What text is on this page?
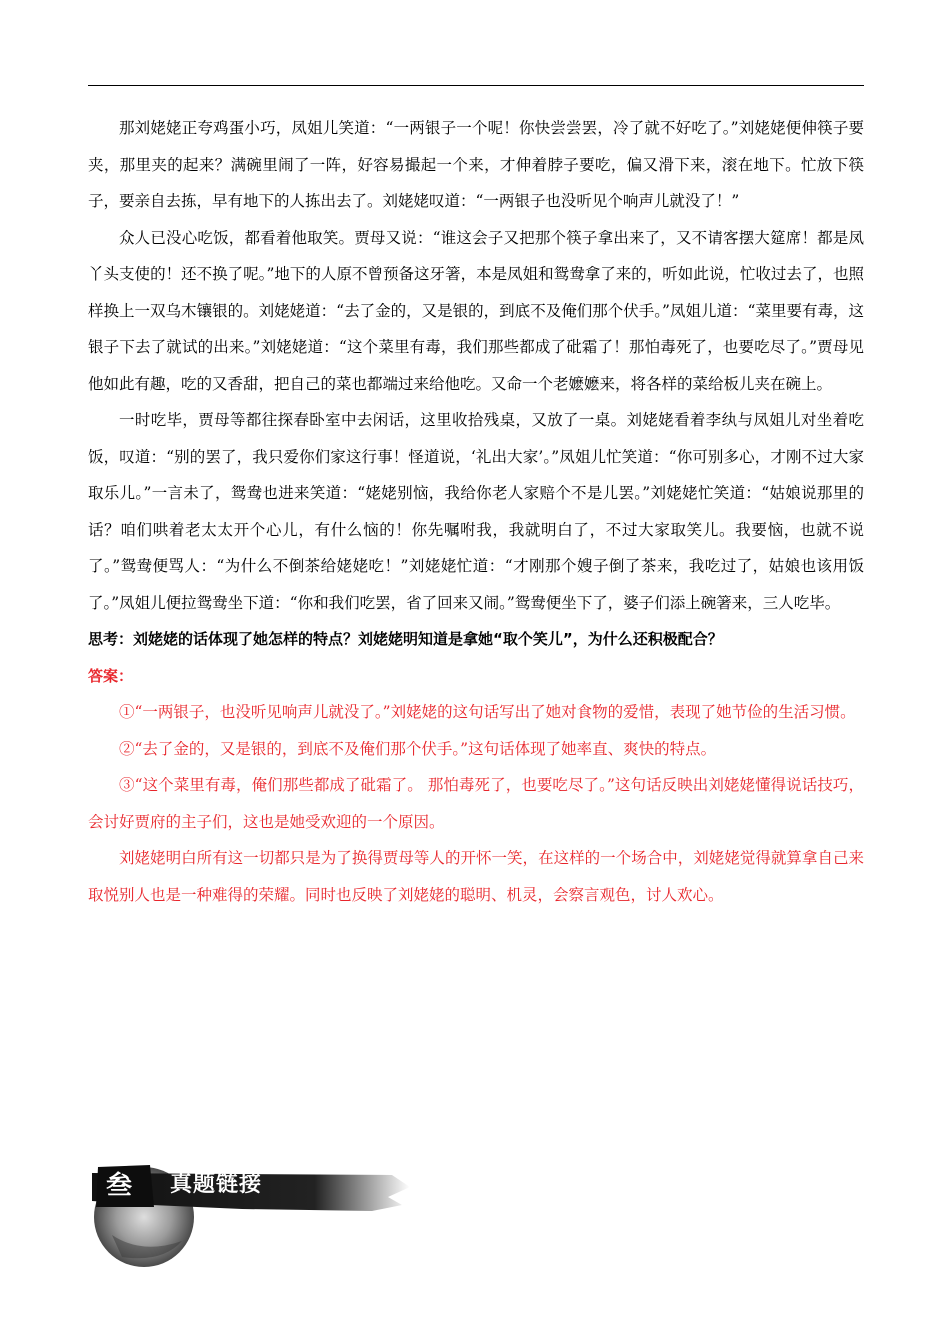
那刘姥姥正夸鸡蛋小巧，凤姐儿笑道：“一两银子一个呢！你快尝尝罢，冷了就不好吃了。”刘姥姥便伸筷子要夹，那里夹的起来？满碗里闹了一阵，好容易撮起一个来，才伸着脖子要吃，偏又滑下来，滚在地下。忙放下筷子，要亲自去拣，早有地下的人拣出去了。刘姥姥叹道：“一两银子也没听见个响声儿就没了！”

众人已没心吃饭，都看着他取笑。贾母又说：“谁这会子又把那个筷子拿出来了，又不请客摆大筵席！都是凤丫头支使的！还不换了呢。”地下的人原不曾预备这牙箸，本是凤姐和鸳鸯拿了来的，听如此说，忙收过去了，也照样换上一双乌木镶银的。刘姥姥道：“去了金的，又是银的，到底不及俺们那个伏手。”凤姐儿道：“菜里要有毒，这银子下去了就试的出来。”刘姥姥道：“这个菜里有毒，我们那些都成了砒霜了！那怕毒死了，也要吃尽了。”贾母见他如此有趣，吃的又香甜，把自己的菜也都端过来给他吃。又命一个老嬷嬷来，将各样的菜给板儿夹在碗上。

一时吃毕，贾母等都往探春卧室中去闲话，这里收拾残桌，又放了一桌。刘姥姥看着李纨与凤姐儿对坐着吃饭，叹道：“别的罢了，我只爱你们家这行事！怪道说，‘礼出大家’。”凤姐儿忙笑道：“你可别多心，才刚不过大家取乐儿。”一言未了，鸳鸯也进来笑道：“姥姥别恼，我给你老人家赔个不是儿罢。”刘姥姥忙笑道：“姑娘说那里的话？咱们哄着老太太开个心儿，有什么恼的！你先嘱咐我，我就明白了，不过大家取笑儿。我要恼，也就不说了。”鸳鸯便骂人：“为什么不倒茶给姥姥吃！”刘姥姥忙道：“才刚那个嫂子倒了茶来，我吃过了，姑娘也该用饭了。”凤姐儿便拉鸳鸯坐下道：“你和我们吃罢，省了回来又闹。”鸳鸯便坐下了，婆子们添上碗箸来，三人吃毕。

思考：刘姥姥的话体现了她怎样的特点？刘姥姥明知道是拿她“取个笑儿”，为什么还积极配合？
答案：

①“一两银子，也没听见响声儿就没了。”刘姥姥的这句话写出了她对食物的爱惜，表现了她节俭的生活习惯。

②“去了金的，又是银的，到底不及俺们那个伏手。”这句话体现了她率直、爽快的特点。

③“这个菜里有毒，俺们那些都成了砒霜了。 那怕毒死了，也要吃尽了。”这句话反映出刘姥姥懂得说话技巧，会讨好贾府的主子们，这也是她受欢迎的一个原因。

刘姥姥明白所有这一切都只是为了换得贾母等人的开怀一笑，在这样的一个场合中，刘姥姥觉得就算拿自己来取悦别人也是一种难得的荣耀。同时也反映了刘姥姥的聪明、机灵，会察言观色，讨人欢心。

叁 真题链接
